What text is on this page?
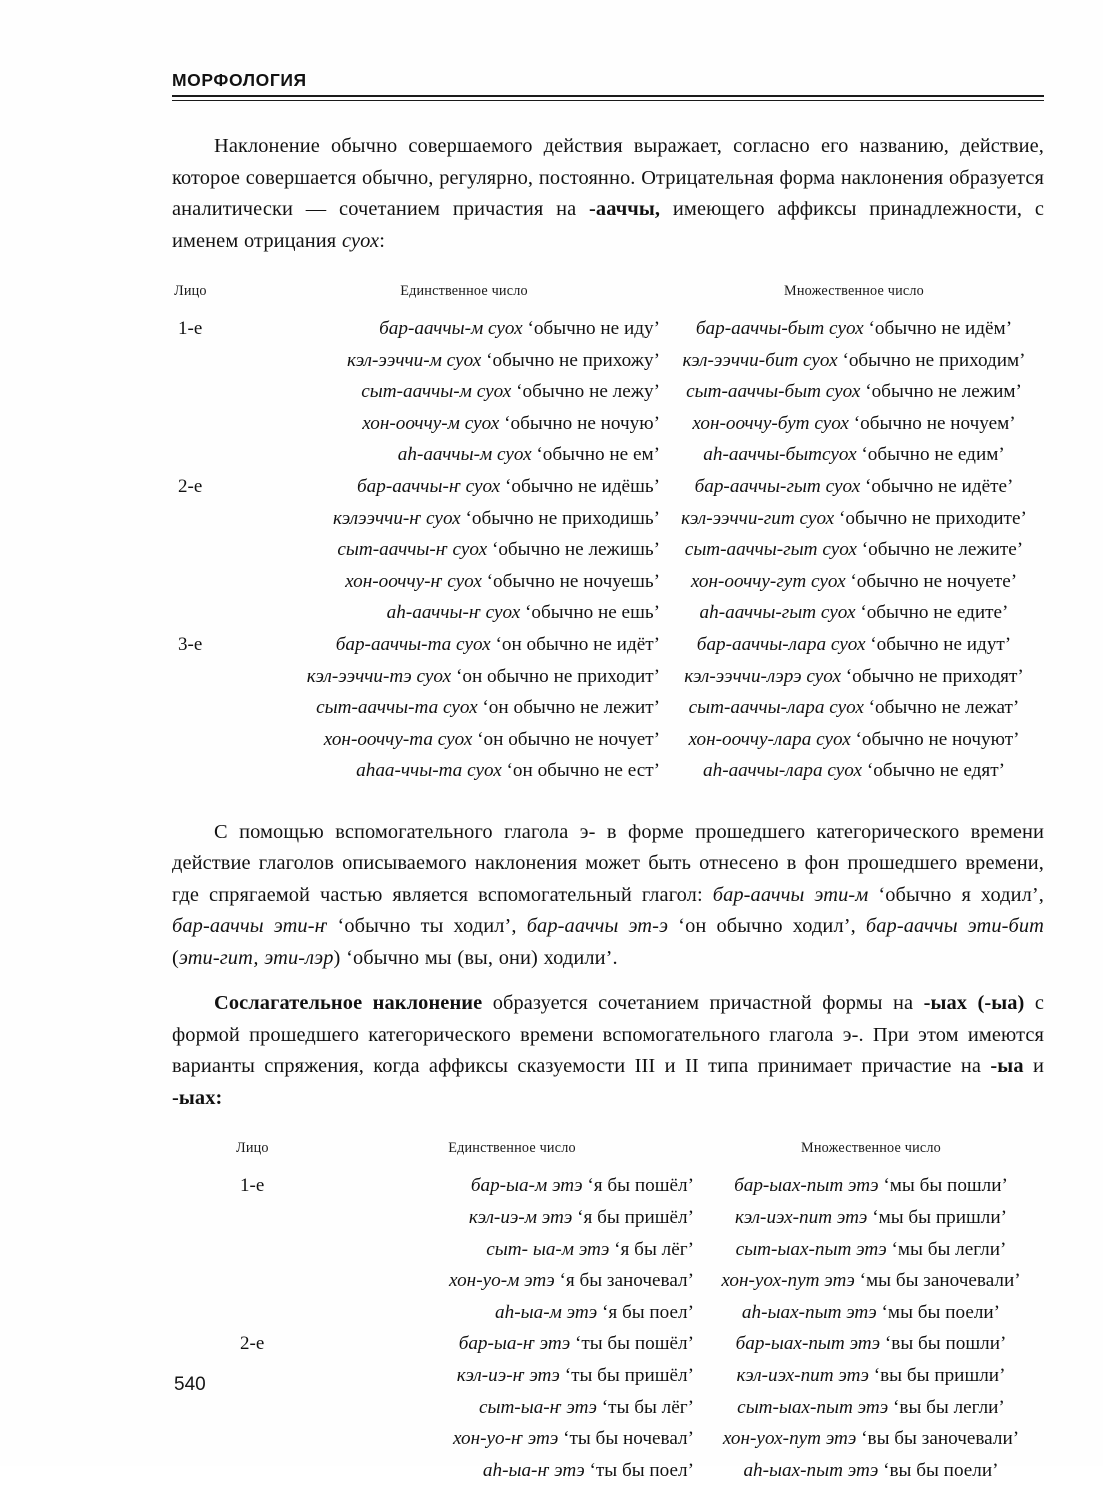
МОРФОЛОГИЯ

Наклонение обычно совершаемого действия выражает, согласно его названию, действие, которое совершается обычно, регулярно, постоянно. Отрицательная форма наклонения образуется аналитически — сочетанием причастия на -ааччы, имеющего аффиксы принадлежности, с именем отрицания суох:

Лицо	Единственное число	Множественное число
1-е	бар-ааччы-м суох ‘обычно не иду’	бар-ааччы-быт суох ‘обычно не идём’
	кэл-ээччи-м суох ‘обычно не прихожу’	кэл-ээччи-бит суох ‘обычно не приходим’
	сыт-ааччы-м суох ‘обычно не лежу’	сыт-ааччы-быт суох ‘обычно не лежим’
	хон-ооччу-м суох ‘обычно не ночую’	хон-ооччу-бут суох ‘обычно не ночуем’
	аһ-ааччы-м суох ‘обычно не ем’	аһ-ааччы-бытсуох ‘обычно не едим’
2-е	бар-ааччы-ҥ суох ‘обычно не идёшь’	бар-ааччы-гыт суох ‘обычно не идёте’
	кэлээччи-ҥ суох ‘обычно не приходишь’	кэл-ээччи-гит суох ‘обычно не приходите’
	сыт-ааччы-ҥ суох ‘обычно не лежишь’	сыт-ааччы-гыт суох ‘обычно не лежите’
	хон-ооччу-ҥ суох ‘обычно не ночуешь’	хон-ооччу-гут суох ‘обычно не ночуете’
	аһ-ааччы-ҥ суох ‘обычно не ешь’	аһ-ааччы-гыт суох ‘обычно не едите’
3-е	бар-ааччы-та суох ‘он обычно не идёт’	бар-ааччы-лара суох ‘обычно не идут’
	кэл-ээччи-тэ суох ‘он обычно не приходит’	кэл-ээччи-лэрэ суох ‘обычно не приходят’
	сыт-ааччы-та суох ‘он обычно не лежит’	сыт-ааччы-лара суох ‘обычно не лежат’
	хон-ооччу-та суох ‘он обычно не ночует’	хон-ооччу-лара суох ‘обычно не ночуют’
	аһаа-ччы-та суох ‘он обычно не ест’	аһ-ааччы-лара суох ‘обычно не едят’

С помощью вспомогательного глагола э- в форме прошедшего категорического времени действие глаголов описываемого наклонения может быть отнесено в фон прошедшего времени, где спрягаемой частью является вспомогательный глагол: бар-ааччы эти-м ‘обычно я ходил’, бар-ааччы эти-ҥ ‘обычно ты ходил’, бар-ааччы эт-э ‘он обычно ходил’, бар-ааччы эти-бит (эти-гит, эти-лэр) ‘обычно мы (вы, они) ходили’.

Сослагательное наклонение образуется сочетанием причастной формы на -ыах (-ыа) с формой прошедшего категорического времени вспомогательного глагола э-. При этом имеются варианты спряжения, когда аффиксы сказуемости III и II типа принимает причастие на -ыа и -ыах:

Лицо	Единственное число	Множественное число
1-е	бар-ыа-м этэ ‘я бы пошёл’	бар-ыах-пыт этэ ‘мы бы пошли’
	кэл-иэ-м этэ ‘я бы пришёл’	кэл-иэх-пит этэ ‘мы бы пришли’
	сыт- ыа-м этэ ‘я бы лёг’	сыт-ыах-пыт этэ ‘мы бы легли’
	хон-уо-м этэ ‘я бы заночевал’	хон-уох-пут этэ ‘мы бы заночевали’
	аһ-ыа-м этэ ‘я бы поел’	аһ-ыах-пыт этэ ‘мы бы поели’
2-е	бар-ыа-ҥ этэ ‘ты бы пошёл’	бар-ыах-пыт этэ ‘вы бы пошли’
	кэл-иэ-ҥ этэ ‘ты бы пришёл’	кэл-иэх-пит этэ ‘вы бы пришли’
	сыт-ыа-ҥ этэ ‘ты бы лёг’	сыт-ыах-пыт этэ ‘вы бы легли’
	хон-уо-ҥ этэ ‘ты бы ночевал’	хон-уох-пут этэ ‘вы бы заночевали’
	аһ-ыа-ҥ этэ ‘ты бы поел’	аһ-ыах-пыт этэ ‘вы бы поели’
540
